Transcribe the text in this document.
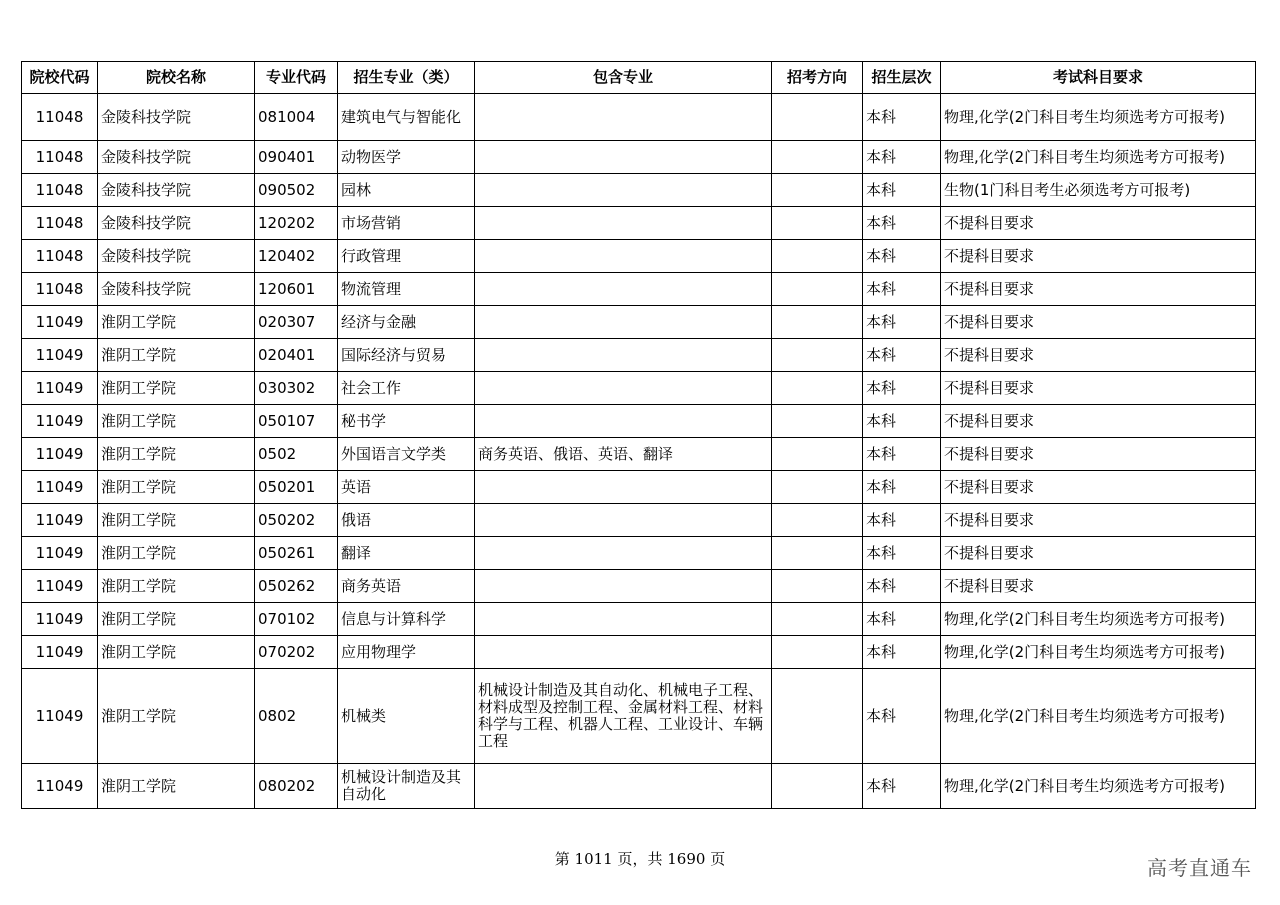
院校代码	院校名称	专业代码	招生专业（类）	包含专业	招考方向	招生层次	考试科目要求
11048	金陵科技学院	081004	建筑电气与智能化			本科	物理,化学(2门科目考生均须选考方可报考)
11048	金陵科技学院	090401	动物医学			本科	物理,化学(2门科目考生均须选考方可报考)
11048	金陵科技学院	090502	园林			本科	生物(1门科目考生必须选考方可报考)
11048	金陵科技学院	120202	市场营销			本科	不提科目要求
11048	金陵科技学院	120402	行政管理			本科	不提科目要求
11048	金陵科技学院	120601	物流管理			本科	不提科目要求
11049	淮阴工学院	020307	经济与金融			本科	不提科目要求
11049	淮阴工学院	020401	国际经济与贸易			本科	不提科目要求
11049	淮阴工学院	030302	社会工作			本科	不提科目要求
11049	淮阴工学院	050107	秘书学			本科	不提科目要求
11049	淮阴工学院	0502	外国语言文学类	商务英语、俄语、英语、翻译		本科	不提科目要求
11049	淮阴工学院	050201	英语			本科	不提科目要求
11049	淮阴工学院	050202	俄语			本科	不提科目要求
11049	淮阴工学院	050261	翻译			本科	不提科目要求
11049	淮阴工学院	050262	商务英语			本科	不提科目要求
11049	淮阴工学院	070102	信息与计算科学			本科	物理,化学(2门科目考生均须选考方可报考)
11049	淮阴工学院	070202	应用物理学			本科	物理,化学(2门科目考生均须选考方可报考)
11049	淮阴工学院	0802	机械类	机械设计制造及其自动化、机械电子工程、材料成型及控制工程、金属材料工程、材料科学与工程、机器人工程、工业设计、车辆工程		本科	物理,化学(2门科目考生均须选考方可报考)
11049	淮阴工学院	080202	机械设计制造及其自动化			本科	物理,化学(2门科目考生均须选考方可报考)
第 1011 页，共 1690 页	高考直通车
